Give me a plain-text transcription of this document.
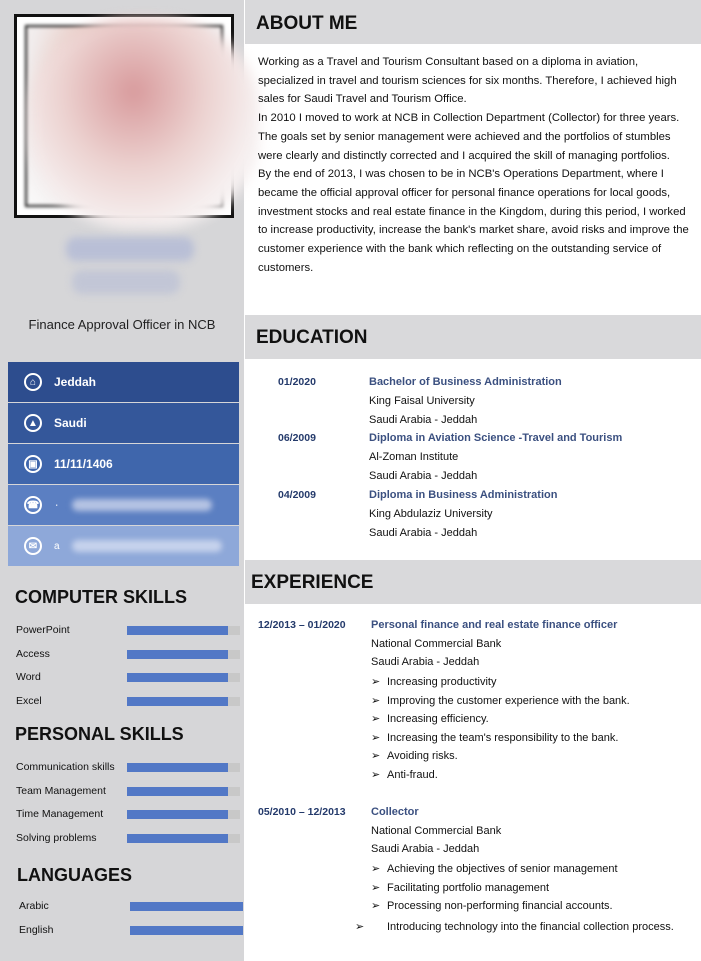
Finance Approval Officer in NCB
⌂	Jeddah
▲	Saudi
▣	11/11/1406
☎ ٠
✉	a
COMPUTER SKILLS
PowerPoint
Access
Word
Excel
PERSONAL SKILLS
Communication skills
Team Management
Time Management
Solving problems
LANGUAGES
Arabic
English
ABOUT ME

Working as a Travel and Tourism Consultant based on a diploma in aviation, specialized in travel and tourism sciences for six months. Therefore, I achieved high sales for Saudi Travel and Tourism Office.

In 2010 I moved to work at NCB in Collection Department (Collector) for three years. The goals set by senior management were achieved and the portfolios of stumbles were clearly and distinctly corrected and I acquired the skill of managing portfolios.

By the end of 2013, I was chosen to be in NCB's Operations Department, where I became the official approval officer for personal finance operations for local goods, investment stocks and real estate finance in the Kingdom, during this period, I worked to increase productivity, increase the bank's market share, avoid risks and improve the customer experience with the bank which reflecting on the outstanding service of customers.

EDUCATION
01/2020	Bachelor of Business Administration
King Faisal University
Saudi Arabia - Jeddah
06/2009	Diploma in Aviation Science -Travel and Tourism
Al-Zoman Institute
Saudi Arabia - Jeddah
04/2009	Diploma in Business Administration
King Abdulaziz University
Saudi Arabia - Jeddah
EXPERIENCE
12/2013 – 01/2020 Personal finance and real estate finance officer
National Commercial Bank
Saudi Arabia - Jeddah
➢ Increasing productivity
➢ Improving the customer experience with the bank.
➢ Increasing efficiency.
➢ Increasing the team's responsibility to the bank.
➢ Avoiding risks.
➢ Anti-fraud.
05/2010 – 12/2013 Collector
National Commercial Bank
Saudi Arabia - Jeddah
➢ Achieving the objectives of senior management
➢ Facilitating portfolio management
➢ Processing non-performing financial accounts.
➢ Introducing technology into the financial collection process.
